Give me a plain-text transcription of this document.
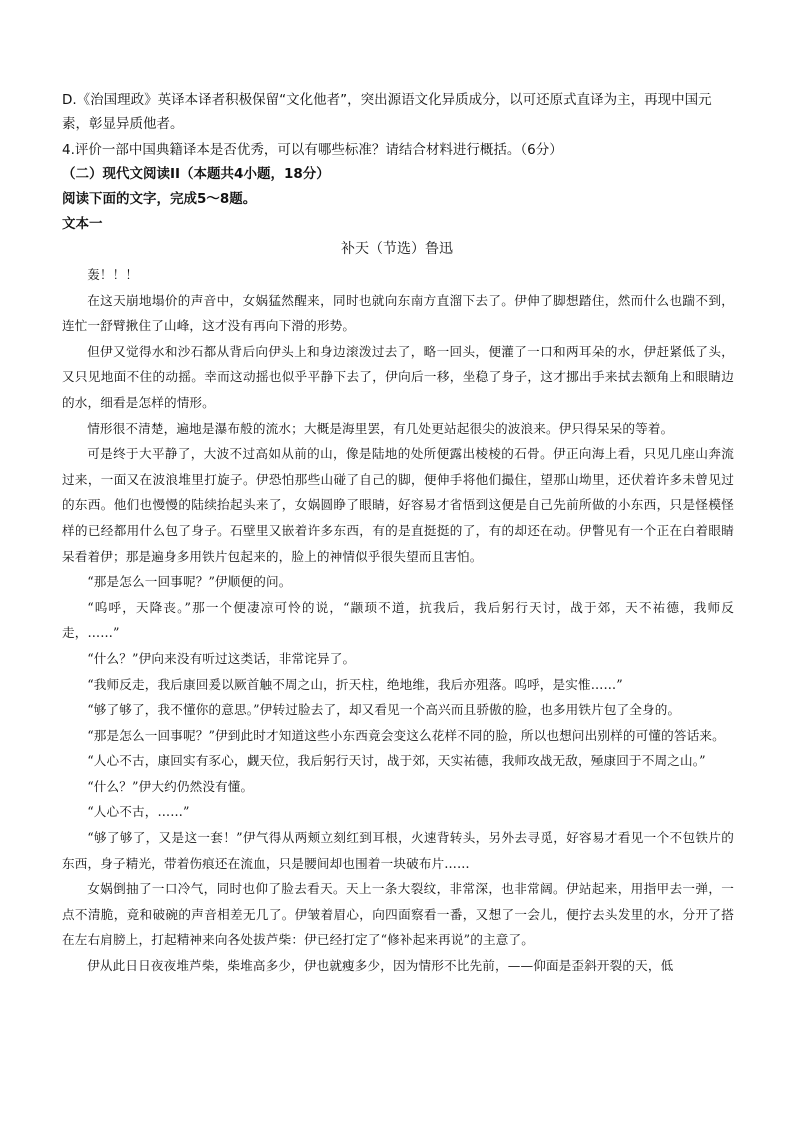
D.《治国理政》英译本译者积极保留“文化他者”，突出源语文化异质成分，以可还原式直译为主，再现中国元素，彰显异质他者。

4.评价一部中国典籍译本是否优秀，可以有哪些标准？请结合材料进行概括。（6分）

（二）现代文阅读II（本题共4小题，18分）

阅读下面的文字，完成5～8题。

文本一

补天（节选）鲁迅

轰！！！

在这天崩地塌价的声音中，女娲猛然醒来，同时也就向东南方直溜下去了。伊伸了脚想踏住，然而什么也踹不到，连忙一舒臂揪住了山峰，这才没有再向下滑的形势。

但伊又觉得水和沙石都从背后向伊头上和身边滚泼过去了，略一回头，便灌了一口和两耳朵的水，伊赶紧低了头，又只见地面不住的动摇。幸而这动摇也似乎平静下去了，伊向后一移，坐稳了身子，这才挪出手来拭去额角上和眼睛边的水，细看是怎样的情形。

情形很不清楚，遍地是瀑布般的流水；大概是海里罢，有几处更站起很尖的波浪来。伊只得呆呆的等着。

可是终于大平静了，大波不过高如从前的山，像是陆地的处所便露出棱棱的石骨。伊正向海上看，只见几座山奔流过来，一面又在波浪堆里打旋子。伊恐怕那些山碰了自己的脚，便伸手将他们撮住，望那山坳里，还伏着许多未曾见过的东西。他们也慢慢的陆续抬起头来了，女娲圆睁了眼睛，好容易才省悟到这便是自己先前所做的小东西，只是怪模怪样的已经都用什么包了身子。石壁里又嵌着许多东西，有的是直挺挺的了，有的却还在动。伊瞥见有一个正在白着眼睛呆看着伊；那是遍身多用铁片包起来的，脸上的神情似乎很失望而且害怕。

“那是怎么一回事呢？”伊顺便的问。

“呜呼，天降丧。”那一个便凄凉可怜的说，“颛顼不道，抗我后，我后躬行天讨，战于郊，天不祐德，我师反走，……”

“什么？”伊向来没有听过这类话，非常诧异了。

“我师反走，我后康回爰以厥首触不周之山，折天柱，绝地维，我后亦殂落。呜呼，是实惟……”

“够了够了，我不懂你的意思。”伊转过脸去了，却又看见一个高兴而且骄傲的脸，也多用铁片包了全身的。

“那是怎么一回事呢？”伊到此时才知道这些小东西竟会变这么花样不同的脸，所以也想问出别样的可懂的答话来。

“人心不古，康回实有豕心，觑天位，我后躬行天讨，战于郊，天实祐德，我师攻战无敌，殛康回于不周之山。”

“什么？”伊大约仍然没有懂。

“人心不古，……”

“够了够了，又是这一套！”伊气得从两颊立刻红到耳根，火速背转头，另外去寻觅，好容易才看见一个不包铁片的东西，身子精光，带着伤痕还在流血，只是腰间却也围着一块破布片……

女娲倒抽了一口冷气，同时也仰了脸去看天。天上一条大裂纹，非常深，也非常阔。伊站起来，用指甲去一弹，一点不清脆，竟和破碗的声音相差无几了。伊皱着眉心，向四面察看一番，又想了一会儿，便拧去头发里的水，分开了搭在左右肩膀上，打起精神来向各处拔芦柴：伊已经打定了“修补起来再说”的主意了。

伊从此日日夜夜堆芦柴，柴堆高多少，伊也就瘦多少，因为情形不比先前，——仰面是歪斜开裂的天，低
